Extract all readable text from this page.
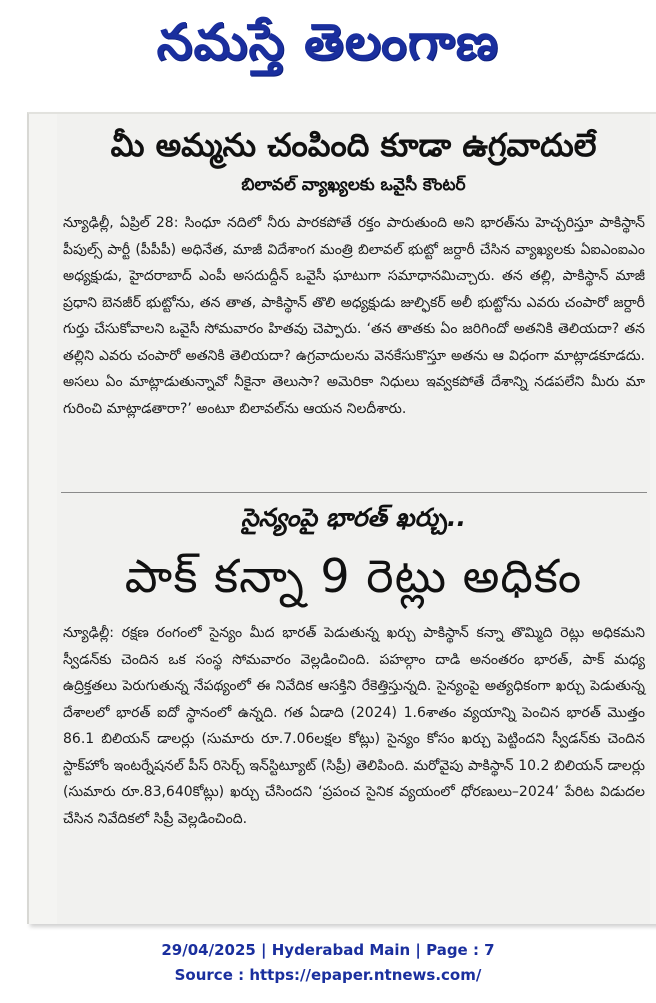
నమస్తే తెలంగాణ
మీ అమ్మను చంపింది కూడా ఉగ్రవాదులే
బిలావల్ వ్యాఖ్యలకు ఒవైసీ కౌంటర్
న్యూఢిల్లీ, ఏప్రిల్ 28: సింధూ నదిలో నీరు పారకపోతే రక్తం పారుతుంది అని భారత్‌ను హెచ్చరిస్తూ పాకిస్థాన్ పీపుల్స్ పార్టీ (పీపీపీ) అధినేత, మాజీ విదేశాంగ మంత్రి బిలావల్ భుట్టో జర్దారీ చేసిన వ్యాఖ్యలకు ఏఐఎంఐఎం అధ్యక్షుడు, హైదరాబాద్ ఎంపీ అసదుద్దీన్ ఒవైసీ ఘాటుగా సమాధానమిచ్చారు. తన తల్లి, పాకిస్థాన్ మాజీ ప్రధాని బెనజీర్ భుట్టోను, తన తాత, పాకిస్థాన్ తొలి అధ్యక్షుడు జుల్ఫికర్ అలీ భుట్టోను ఎవరు చంపారో జర్దారీ గుర్తు చేసుకోవాలని ఒవైసీ సోమవారం హితవు చెప్పారు. ‘తన తాతకు ఏం జరిగిందో అతనికి తెలియదా? తన తల్లిని ఎవరు చంపారో అతనికి తెలియదా? ఉగ్రవాదులను వెనకేసుకొస్తూ అతను ఆ విధంగా మాట్లాడకూడదు. అసలు ఏం మాట్లాడుతున్నావో నీకైనా తెలుసా? అమెరికా నిధులు ఇవ్వకపోతే దేశాన్ని నడపలేని మీరు మా గురించి మాట్లాడతారా?’ అంటూ బిలావల్‌ను ఆయన నిలదీశారు.
సైన్యంపై భారత్ ఖర్చు..
పాక్ కన్నా 9 రెట్లు అధికం
న్యూఢిల్లీ: రక్షణ రంగంలో సైన్యం మీద భారత్ పెడుతున్న ఖర్చు పాకిస్థాన్ కన్నా తొమ్మిది రెట్లు అధికమని స్వీడన్‌కు చెందిన ఒక సంస్థ సోమవారం వెల్లడించింది. పహల్గాం దాడి అనంతరం భారత్, పాక్ మధ్య ఉద్రిక్తతలు పెరుగుతున్న నేపథ్యంలో ఈ నివేదిక ఆసక్తిని రేకెత్తిస్తున్నది. సైన్యంపై అత్యధికంగా ఖర్చు పెడుతున్న దేశాలలో భారత్ ఐదో స్థానంలో ఉన్నది. గత ఏడాది (2024) 1.6శాతం వ్యయాన్ని పెంచిన భారత్ మొత్తం 86.1 బిలియన్ డాలర్లు (సుమారు రూ.7.06లక్షల కోట్లు) సైన్యం కోసం ఖర్చు పెట్టిందని స్వీడన్‌కు చెందిన స్టాక్‌హోం ఇంటర్నేషనల్ పీస్ రిసెర్చ్ ఇన్‌స్టిట్యూట్ (సిప్రీ) తెలిపింది. మరోవైపు పాకిస్థాన్ 10.2 బిలియన్ డాలర్లు (సుమారు రూ.83,640కోట్లు) ఖర్చు చేసిందని ‘ప్రపంచ సైనిక వ్యయంలో ధోరణులు–2024’ పేరిట విడుదల చేసిన నివేదికలో సిప్రీ వెల్లడించింది.
29/04/2025 | Hyderabad Main | Page : 7
Source : https://epaper.ntnews.com/
